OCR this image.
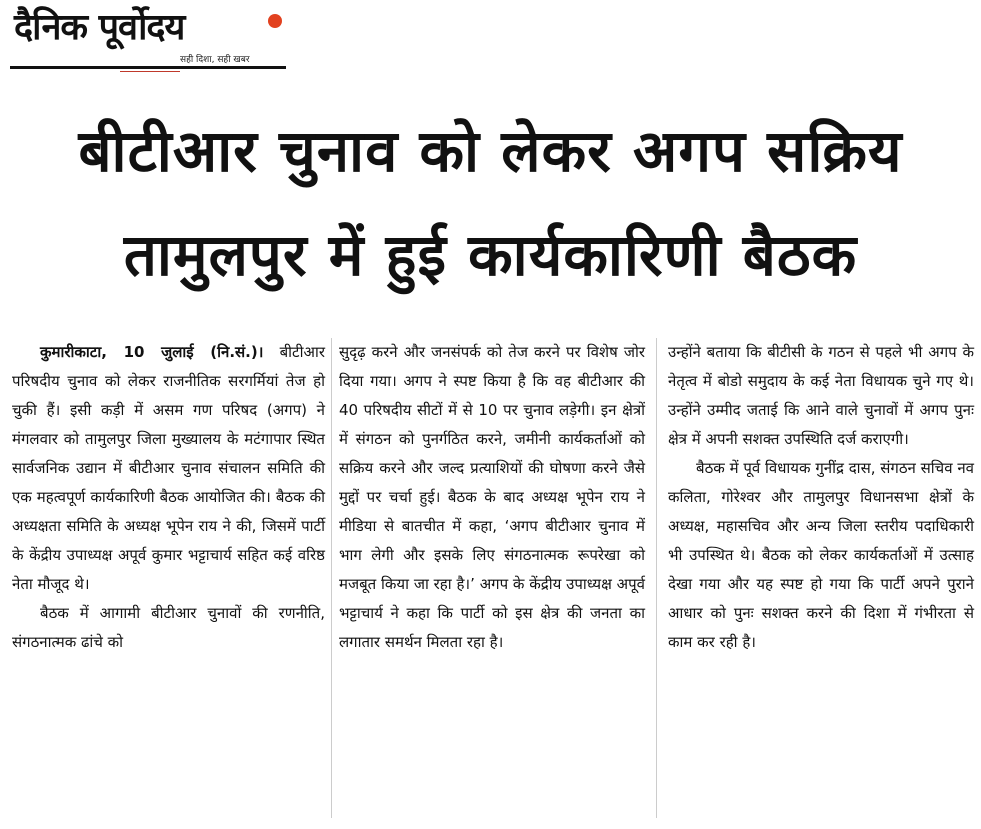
दैनिक पूर्वोदय
सही दिशा, सही खबर
बीटीआर चुनाव को लेकर अगप सक्रिय
तामुलपुर में हुई कार्यकारिणी बैठक

कुमारीकाटा, 10 जुलाई (नि.सं.)। बीटीआर परिषदीय चुनाव को लेकर राजनीतिक सरगर्मियां तेज हो चुकी हैं। इसी कड़ी में असम गण परिषद (अगप) ने मंगलवार को तामुलपुर जिला मुख्यालय के मटंगापार स्थित सार्वजनिक उद्यान में बीटीआर चुनाव संचालन समिति की एक महत्वपूर्ण कार्यकारिणी बैठक आयोजित की। बैठक की अध्यक्षता समिति के अध्यक्ष भूपेन राय ने की, जिसमें पार्टी के केंद्रीय उपाध्यक्ष अपूर्व कुमार भट्टाचार्य सहित कई वरिष्ठ नेता मौजूद थे।

बैठक में आगामी बीटीआर चुनावों की रणनीति, संगठनात्मक ढांचे को

सुदृढ़ करने और जनसंपर्क को तेज करने पर विशेष जोर दिया गया। अगप ने स्पष्ट किया है कि वह बीटीआर की 40 परिषदीय सीटों में से 10 पर चुनाव लड़ेगी। इन क्षेत्रों में संगठन को पुनर्गठित करने, जमीनी कार्यकर्ताओं को सक्रिय करने और जल्द प्रत्याशियों की घोषणा करने जैसे मुद्दों पर चर्चा हुई। बैठक के बाद अध्यक्ष भूपेन राय ने मीडिया से बातचीत में कहा, ‘अगप बीटीआर चुनाव में भाग लेगी और इसके लिए संगठनात्मक रूपरेखा को मजबूत किया जा रहा है।’ अगप के केंद्रीय उपाध्यक्ष अपूर्व भट्टाचार्य ने कहा कि पार्टी को इस क्षेत्र की जनता का लगातार समर्थन मिलता रहा है।

उन्होंने बताया कि बीटीसी के गठन से पहले भी अगप के नेतृत्व में बोडो समुदाय के कई नेता विधायक चुने गए थे। उन्होंने उम्मीद जताई कि आने वाले चुनावों में अगप पुनः क्षेत्र में अपनी सशक्त उपस्थिति दर्ज कराएगी।

बैठक में पूर्व विधायक गुनींद्र दास, संगठन सचिव नव कलिता, गोरेश्वर और तामुलपुर विधानसभा क्षेत्रों के अध्यक्ष, महासचिव और अन्य जिला स्तरीय पदाधिकारी भी उपस्थित थे। बैठक को लेकर कार्यकर्ताओं में उत्साह देखा गया और यह स्पष्ट हो गया कि पार्टी अपने पुराने आधार को पुनः सशक्त करने की दिशा में गंभीरता से काम कर रही है।
